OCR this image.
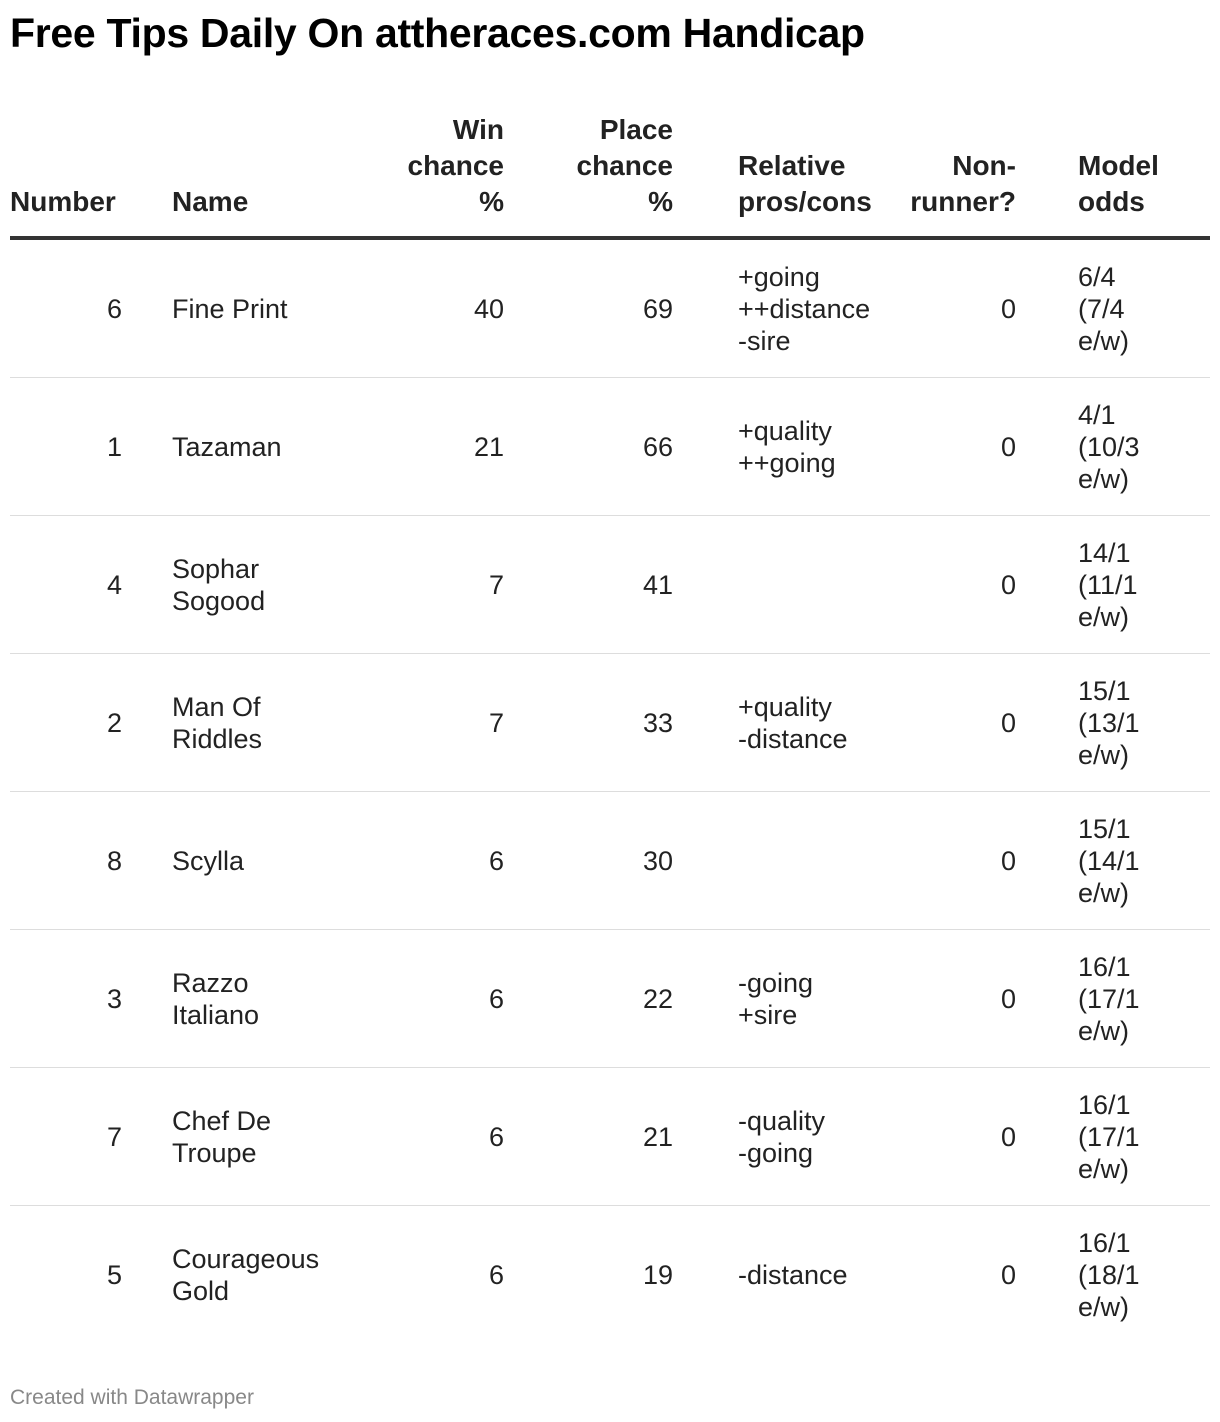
Free Tips Daily On attheraces.com Handicap
Number	Name	Win
chance
%	Place
chance
%	Relative
pros/cons	Non-
runner?	Model
odds

6	Fine Print	40	69	+going
++distance
-sire	0	6/4
(7/4
e/w)

1	Tazaman	21	66	+quality
++going	0	4/1
(10/3
e/w)

4	Sophar
Sogood	7	41		0	14/1
(11/1
e/w)

2	Man Of
Riddles	7	33	+quality
-distance	0	15/1
(13/1
e/w)

8	Scylla	6	30		0	15/1
(14/1
e/w)

3	Razzo
Italiano	6	22	-going
+sire	0	16/1
(17/1
e/w)

7	Chef De
Troupe	6	21	-quality
-going	0	16/1
(17/1
e/w)

5	Courageous
Gold	6	19	-distance	0	16/1
(18/1
e/w)
Created with Datawrapper
